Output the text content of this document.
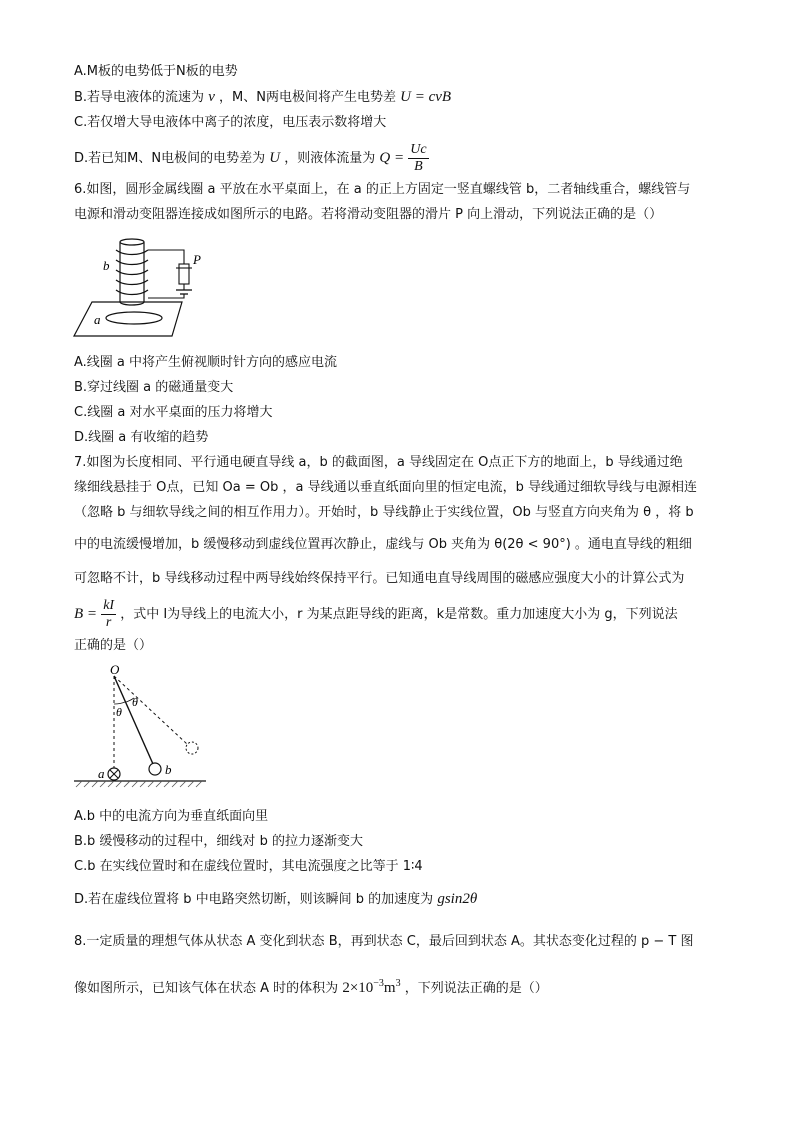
A.M板的电势低于N板的电势
B.若导电液体的流速为 v ，M、N两电极间将产生电势差 U = cvB
C.若仅增大导电液体中离子的浓度，电压表示数将增大
D.若已知M、N电极间的电势差为 U ，则液体流量为 $Q = \frac{Uc}{B}$
6.如图，圆形金属线圈 a 平放在水平桌面上，在 a 的正上方固定一竖直螺线管 b，二者轴线重合，螺线管与
电源和滑动变阻器连接成如图所示的电路。若将滑动变阻器的滑片 P 向上滑动，下列说法正确的是（）
b	P
a
A.线圈 a 中将产生俯视顺时针方向的感应电流
B.穿过线圈 a 的磁通量变大
C.线圈 a 对水平桌面的压力将增大
D.线圈 a 有收缩的趋势
7.如图为长度相同、平行通电硬直导线 a，b 的截面图，a 导线固定在 O点正下方的地面上，b 导线通过绝
缘细线悬挂于 O点，已知 Oa = Ob ，a 导线通以垂直纸面向里的恒定电流，b 导线通过细软导线与电源相连
（忽略 b 与细软导线之间的相互作用力）。开始时，b 导线静止于实线位置，Ob 与竖直方向夹角为 θ ，将 b
中的电流缓慢增加，b 缓慢移动到虚线位置再次静止，虚线与 Ob 夹角为 θ(2θ < 90°) 。通电直导线的粗细
可忽略不计，b 导线移动过程中两导线始终保持平行。已知通电直导线周围的磁感应强度大小的计算公式为
$B = \frac{kI}{r}$ ，式中 I为导线上的电流大小，r 为某点距导线的距离，k是常数。重力加速度大小为 g，下列说法
正确的是（）
O
θ
θ
a	b
A.b 中的电流方向为垂直纸面向里
B.b 缓慢移动的过程中，细线对 b 的拉力逐渐变大
C.b 在实线位置时和在虚线位置时，其电流强度之比等于 1∶4
D.若在虚线位置将 b 中电路突然切断，则该瞬间 b 的加速度为 gsin2θ
8.一定质量的理想气体从状态 A 变化到状态 B，再到状态 C，最后回到状态 A。其状态变化过程的 p − T 图
像如图所示，已知该气体在状态 A 时的体积为 $2\times 10^{-3}m^3$ ，下列说法正确的是（）
